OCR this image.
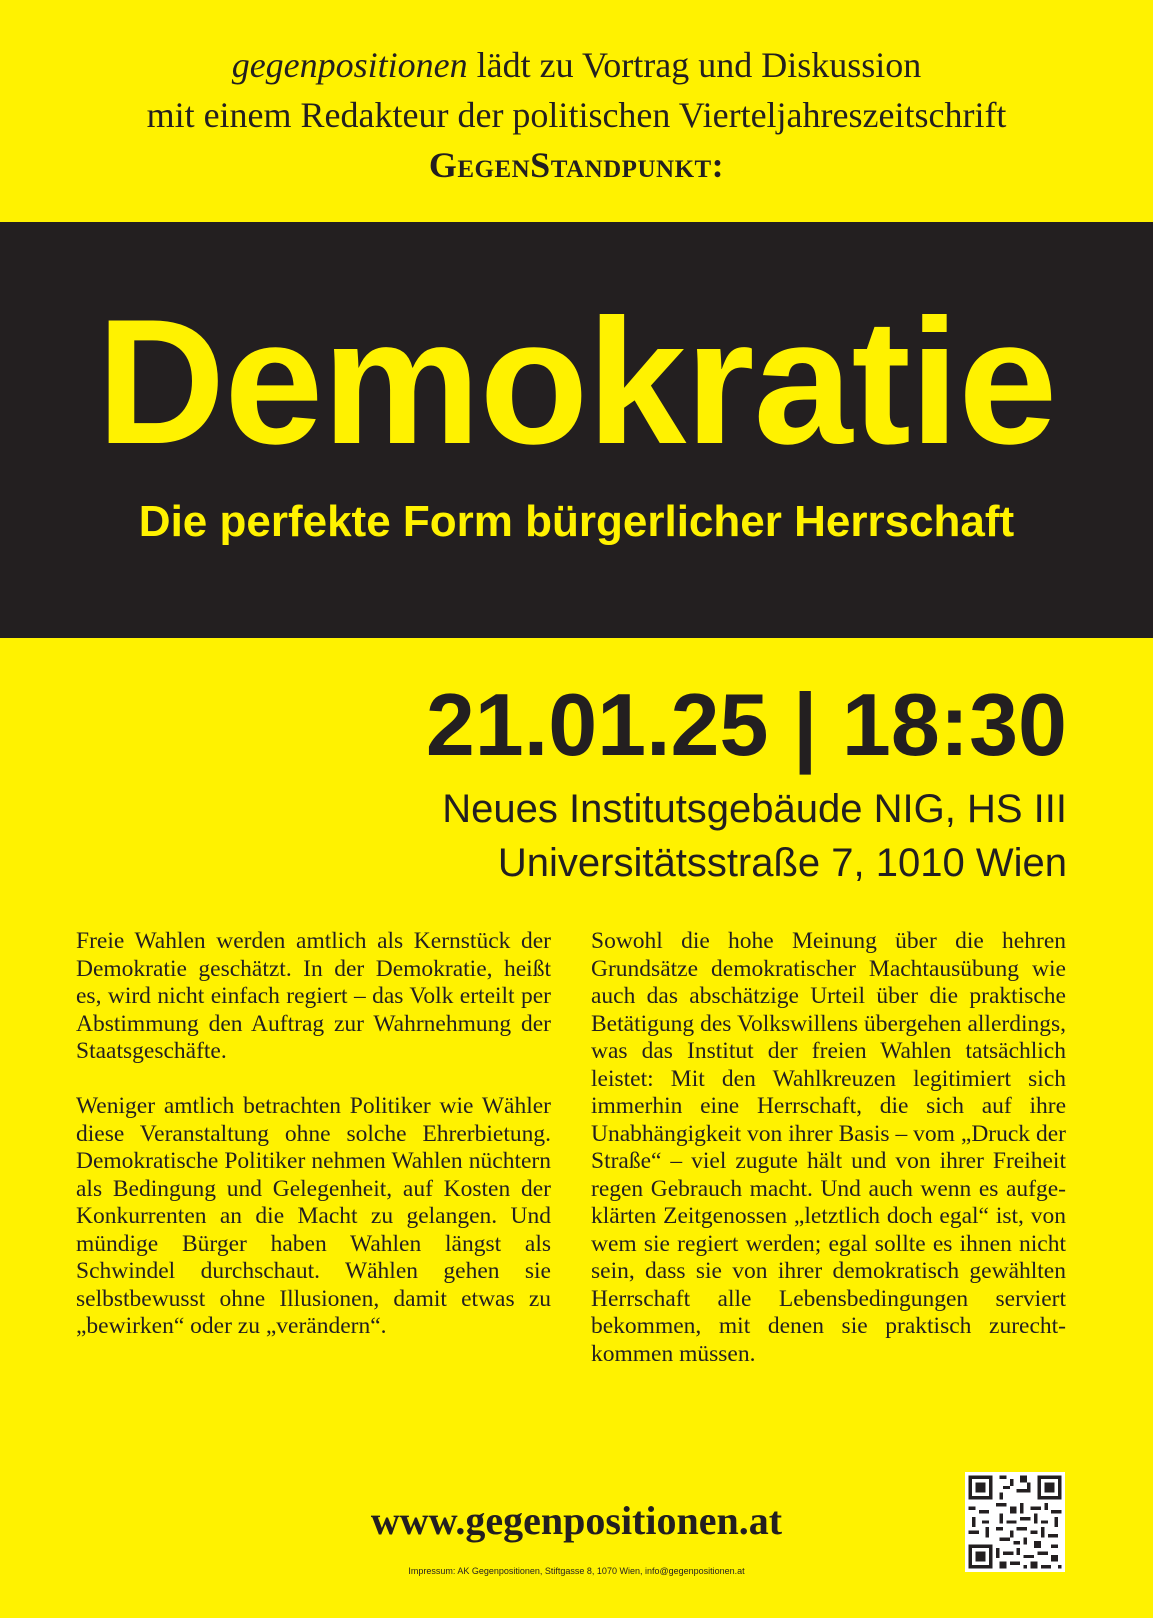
gegenpositionen lädt zu Vortrag und Diskussion
mit einem Redakteur der politischen Vierteljahreszeitschrift
GegenStandpunkt:
Demokratie
Die perfekte Form bürgerlicher Herrschaft
21.01.25 | 18:30
Neues Institutsgebäude NIG, HS III
Universitätsstraße 7, 1010 Wien

Freie Wahlen werden amtlich als Kernstück der Demokratie geschätzt. In der Demokratie, heißt es, wird nicht einfach regiert – das Volk erteilt per Abstimmung den Auftrag zur Wahrnehmung der Staatsgeschäfte.

Weniger amtlich betrachten Politiker wie Wähler diese Veranstaltung ohne solche Ehrerbietung. Demokratische Politiker nehmen Wahlen nüchtern als Bedingung und Gelegenheit, auf Kosten der Konkurrenten an die Macht zu gelangen. Und mündige Bürger haben Wahlen längst als Schwindel durchschaut. Wählen gehen sie selbstbewusst ohne Illusionen, damit etwas zu „bewirken“ oder zu „verändern“.

Sowohl die hohe Meinung über die hehren Grundsätze demokratischer Machtausübung wie auch das abschätzige Urteil über die praktische Betätigung des Volkswillens übergehen allerdings, was das Institut der freien Wahlen tatsächlich leistet: Mit den Wahlkreuzen legitimiert sich immerhin eine Herrschaft, die sich auf ihre Unabhängigkeit von ihrer Basis – vom „Druck der Straße“ – viel zugute hält und von ihrer Freiheit regen Gebrauch macht. Und auch wenn es aufgeklärten Zeitgenossen „letztlich doch egal“ ist, von wem sie regiert werden; egal sollte es ihnen nicht sein, dass sie von ihrer demokratisch gewählten Herrschaft alle Lebensbedingungen serviert bekommen, mit denen sie praktisch zurechtkommen müssen.

www.gegenpositionen.at
Impressum: AK Gegenpositionen, Stiftgasse 8, 1070 Wien, info@gegenpositionen.at
